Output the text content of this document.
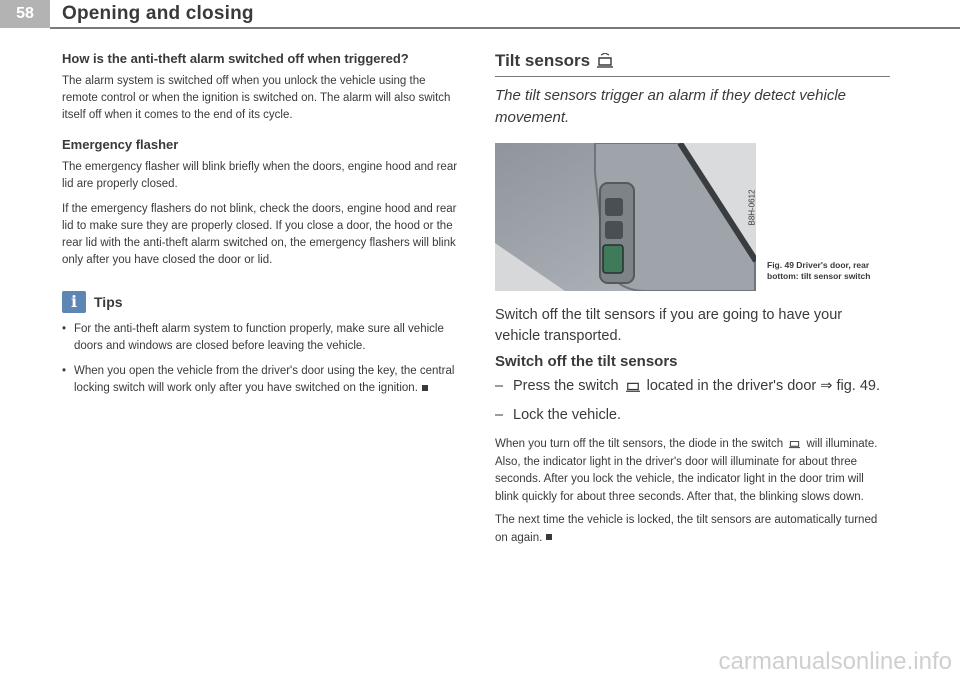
58	Opening and closing

How is the anti-theft alarm switched off when triggered?

The alarm system is switched off when you unlock the vehicle using the remote control or when the ignition is switched on. The alarm will also switch itself off when it comes to the end of its cycle.

Emergency flasher

The emergency flasher will blink briefly when the doors, engine hood and rear lid are properly closed.

If the emergency flashers do not blink, check the doors, engine hood and rear lid to make sure they are properly closed. If you close a door, the hood or the rear lid with the anti-theft alarm switched on, the emergency flashers will blink only after you have closed the door or lid.

i	Tips

• For the anti-theft alarm system to function properly, make sure all vehicle doors and windows are closed before leaving the vehicle.

• When you open the vehicle from the driver's door using the key, the central locking switch will work only after you have switched on the ignition.

Tilt sensors

The tilt sensors trigger an alarm if they detect vehicle movement.

B8H-0612
Fig. 49 Driver's door, rear bottom: tilt sensor switch

Switch off the tilt sensors if you are going to have your vehicle transported.

Switch off the tilt sensors

– Press the switch located in the driver's door ⇒ fig. 49.

– Lock the vehicle.

When you turn off the tilt sensors, the diode in the switch will illuminate. Also, the indicator light in the driver's door will illuminate for about three seconds. After you lock the vehicle, the indicator light in the door trim will blink quickly for about three seconds. After that, the blinking slows down.

The next time the vehicle is locked, the tilt sensors are automatically turned on again.

carmanualsonline.info
